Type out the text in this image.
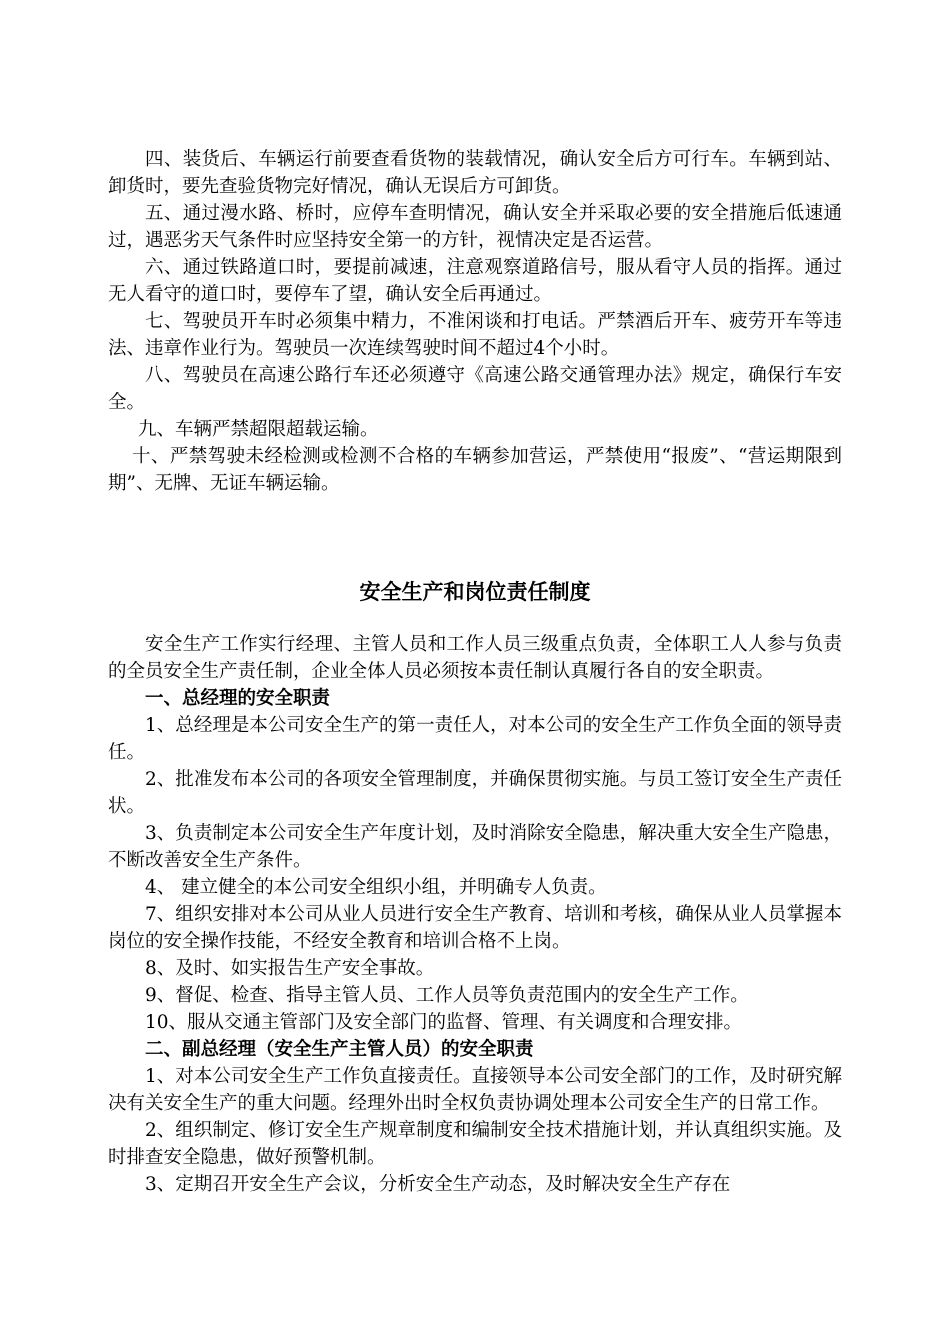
四、装货后、车辆运行前要查看货物的装载情况，确认安全后方可行车。车辆到站、卸货时，要先查验货物完好情况，确认无误后方可卸货。

五、通过漫水路、桥时，应停车查明情况，确认安全并采取必要的安全措施后低速通过，遇恶劣天气条件时应坚持安全第一的方针，视情决定是否运营。

六、通过铁路道口时，要提前减速，注意观察道路信号，服从看守人员的指挥。通过无人看守的道口时，要停车了望，确认安全后再通过。

七、驾驶员开车时必须集中精力，不准闲谈和打电话。严禁酒后开车、疲劳开车等违法、违章作业行为。驾驶员一次连续驾驶时间不超过4个小时。

八、驾驶员在高速公路行车还必须遵守《高速公路交通管理办法》规定，确保行车安全。

九、车辆严禁超限超载运输。

十、严禁驾驶未经检测或检测不合格的车辆参加营运，严禁使用“报废”、“营运期限到期”、无牌、无证车辆运输。

安全生产和岗位责任制度

安全生产工作实行经理、主管人员和工作人员三级重点负责，全体职工人人参与负责的全员安全生产责任制，企业全体人员必须按本责任制认真履行各自的安全职责。

一、总经理的安全职责

1、总经理是本公司安全生产的第一责任人，对本公司的安全生产工作负全面的领导责任。

2、批准发布本公司的各项安全管理制度，并确保贯彻实施。与员工签订安全生产责任状。

3、负责制定本公司安全生产年度计划，及时消除安全隐患，解决重大安全生产隐患，不断改善安全生产条件。

4、 建立健全的本公司安全组织小组，并明确专人负责。

7、组织安排对本公司从业人员进行安全生产教育、培训和考核，确保从业人员掌握本岗位的安全操作技能，不经安全教育和培训合格不上岗。

8、及时、如实报告生产安全事故。

9、督促、检查、指导主管人员、工作人员等负责范围内的安全生产工作。

10、服从交通主管部门及安全部门的监督、管理、有关调度和合理安排。

二、副总经理（安全生产主管人员）的安全职责

1、对本公司安全生产工作负直接责任。直接领导本公司安全部门的工作，及时研究解决有关安全生产的重大问题。经理外出时全权负责协调处理本公司安全生产的日常工作。

2、组织制定、修订安全生产规章制度和编制安全技术措施计划，并认真组织实施。及时排查安全隐患，做好预警机制。

3、定期召开安全生产会议，分析安全生产动态，及时解决安全生产存在
